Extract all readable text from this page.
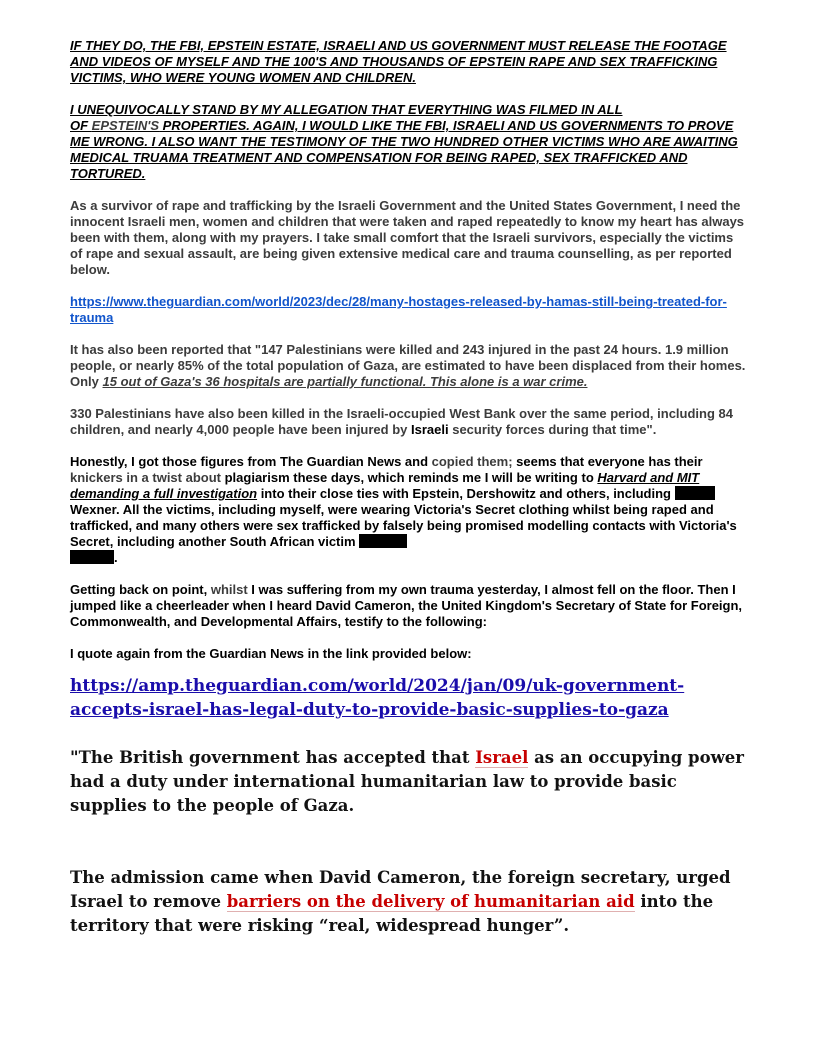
IF THEY DO, THE FBI, EPSTEIN ESTATE, ISRAELI AND US GOVERNMENT MUST RELEASE THE FOOTAGE AND VIDEOS OF MYSELF AND THE 100'S AND THOUSANDS OF EPSTEIN RAPE AND SEX TRAFFICKING VICTIMS, WHO WERE YOUNG WOMEN AND CHILDREN.

I UNEQUIVOCALLY STAND BY MY ALLEGATION THAT EVERYTHING WAS FILMED IN ALL
OF EPSTEIN'S PROPERTIES. AGAIN, I WOULD LIKE THE FBI, ISRAELI AND US GOVERNMENTS TO PROVE ME WRONG. I ALSO WANT THE TESTIMONY OF THE TWO HUNDRED OTHER VICTIMS WHO ARE AWAITING MEDICAL TRUAMA TREATMENT AND COMPENSATION FOR BEING RAPED, SEX TRAFFICKED AND TORTURED.

As a survivor of rape and trafficking by the Israeli Government and the United States Government, I need the innocent Israeli men, women and children that were taken and raped repeatedly to know my heart has always been with them, along with my prayers. I take small comfort that the Israeli survivors, especially the victims of rape and sexual assault, are being given extensive medical care and trauma counselling, as per reported below.

https://www.theguardian.com/world/2023/dec/28/many-hostages-released-by-hamas-still-being-treated-for-trauma

It has also been reported that "147 Palestinians were killed and 243 injured in the past 24 hours. 1.9 million people, or nearly 85% of the total population of Gaza, are estimated to have been displaced from their homes. Only 15 out of Gaza's 36 hospitals are partially functional. This alone is a war crime.

330 Palestinians have also been killed in the Israeli-occupied West Bank over the same period, including 84 children, and nearly 4,000 people have been injured by Israeli security forces during that time".

Honestly, I got those figures from The Guardian News and copied them; seems that everyone has their knickers in a twist about plagiarism these days, which reminds me I will be writing to Harvard and MIT demanding a full investigation into their close ties with Epstein, Dershowitz and others, including  Wexner. All the victims, including myself, were wearing Victoria's Secret clothing whilst being raped and trafficked, and many others were sex trafficked by falsely being promised modelling contacts with Victoria's Secret, including another South African victim
.

Getting back on point, whilst I was suffering from my own trauma yesterday, I almost fell on the floor. Then I jumped like a cheerleader when I heard David Cameron, the United Kingdom's Secretary of State for Foreign, Commonwealth, and Developmental Affairs, testify to the following:

I quote again from the Guardian News in the link provided below:

https://amp.theguardian.com/world/2024/jan/09/uk-government-accepts-israel-has-legal-duty-to-provide-basic-supplies-to-gaza

"The British government has accepted that Israel as an occupying power had a duty under international humanitarian law to provide basic supplies to the people of Gaza.

The admission came when David Cameron, the foreign secretary, urged Israel to remove barriers on the delivery of humanitarian aid into the territory that were risking “real, widespread hunger”.
